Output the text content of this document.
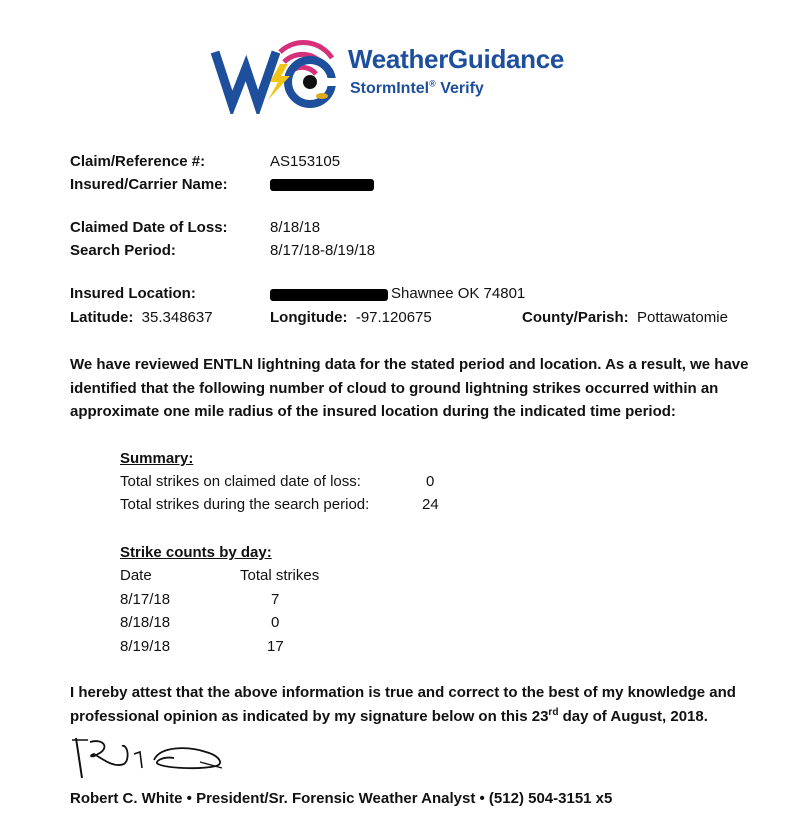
WeatherGuidance
StormIntel® Verify
Claim/Reference #:	AS153105
Insured/Carrier Name:
Claimed Date of Loss:	8/18/18
Search Period:	8/17/18-8/19/18
Insured Location:	Shawnee OK 74801
Latitude: 35.348637	Longitude: -97.120675	County/Parish: Pottawatomie
We have reviewed ENTLN lightning data for the stated period and location. As a result, we have
identified that the following number of cloud to ground lightning strikes occurred within an
approximate one mile radius of the insured location during the indicated time period:
Summary:
Total strikes on claimed date of loss:	0
Total strikes during the search period:	24
Strike counts by day:
Date	Total strikes
8/17/18	7
8/18/18	0
8/19/18	17
I hereby attest that the above information is true and correct to the best of my knowledge and
professional opinion as indicated by my signature below on this 23rd day of August, 2018.
Robert C. White • President/Sr. Forensic Weather Analyst • (512) 504-3151 x5
